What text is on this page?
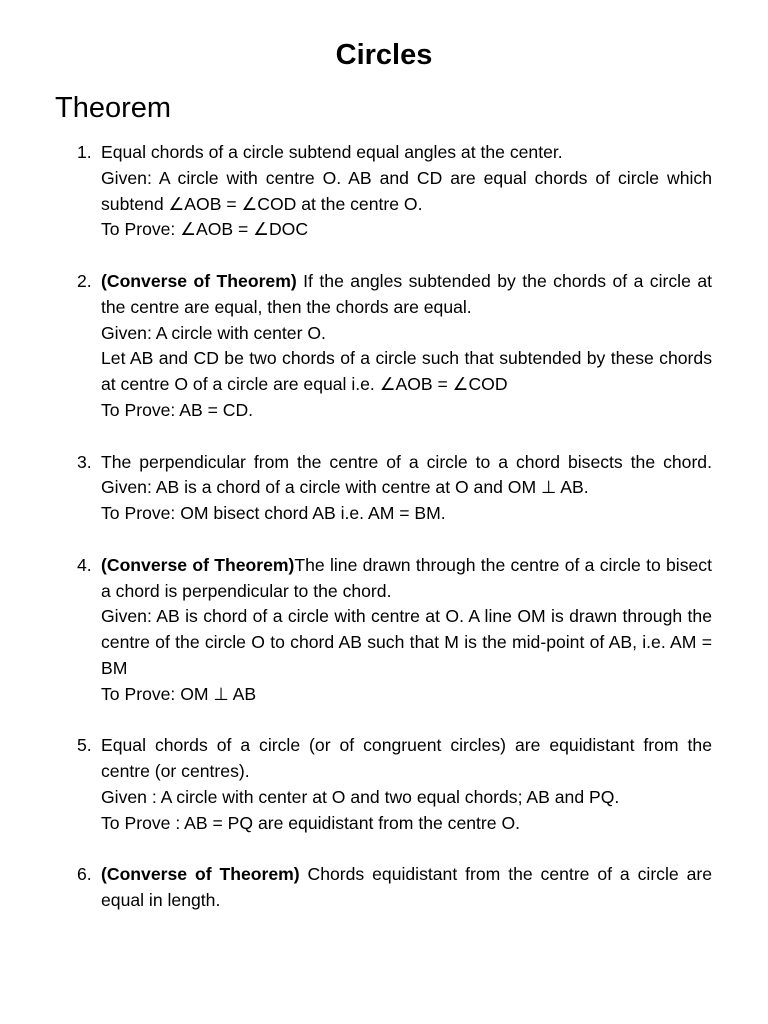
Circles
Theorem
1. Equal chords of a circle subtend equal angles at the center.
Given: A circle with centre O. AB and CD are equal chords of circle which subtend ∠AOB = ∠COD at the centre O.
To Prove: ∠AOB = ∠DOC
2. (Converse of Theorem) If the angles subtended by the chords of a circle at the centre are equal, then the chords are equal.
Given: A circle with center O.
Let AB and CD be two chords of a circle such that subtended by these chords at centre O of a circle are equal i.e. ∠AOB = ∠COD
To Prove: AB = CD.
3. The perpendicular from the centre of a circle to a chord bisects the chord. Given: AB is a chord of a circle with centre at O and OM ⊥ AB.
To Prove: OM bisect chord AB i.e. AM = BM.
4. (Converse of Theorem)The line drawn through the centre of a circle to bisect a chord is perpendicular to the chord.
Given: AB is chord of a circle with centre at O. A line OM is drawn through the centre of the circle O to chord AB such that M is the mid-point of AB, i.e. AM = BM
To Prove: OM ⊥ AB
5. Equal chords of a circle (or of congruent circles) are equidistant from the centre (or centres).
Given : A circle with center at O and two equal chords; AB and PQ.
To Prove : AB = PQ are equidistant from the centre O.
6. (Converse of Theorem) Chords equidistant from the centre of a circle are equal in length.
